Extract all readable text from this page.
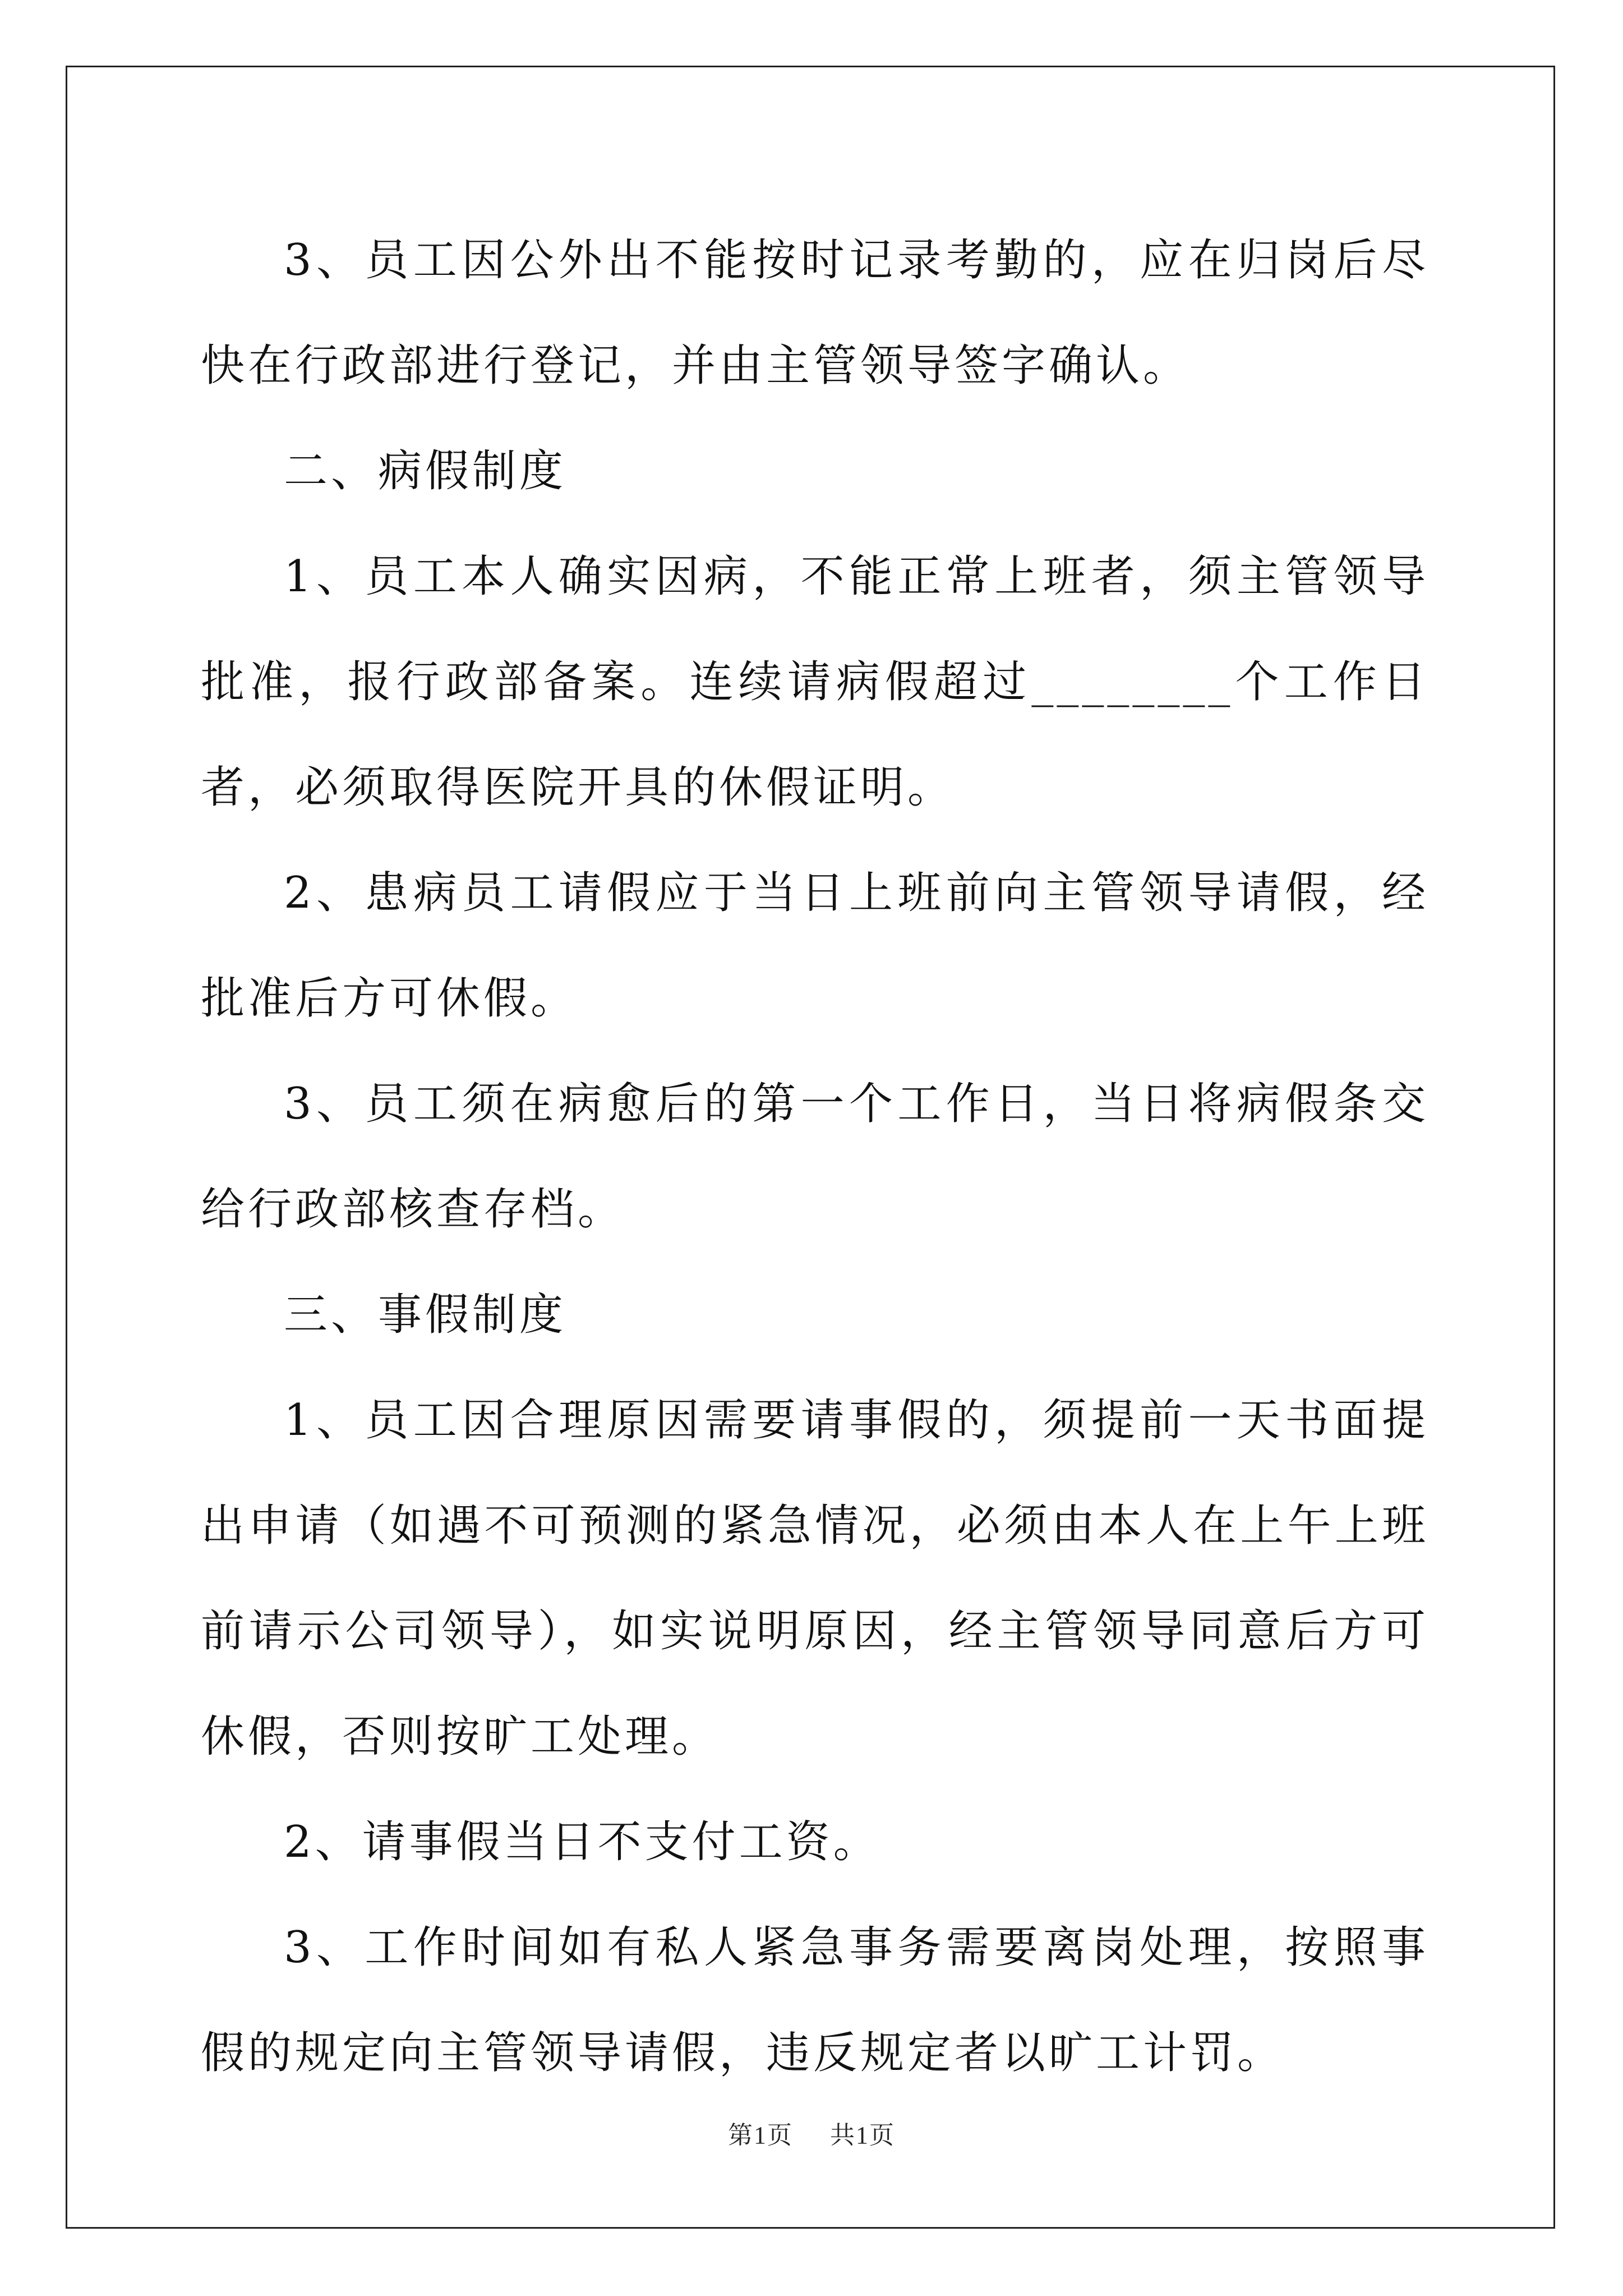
3、员工因公外出不能按时记录考勤的，应在归岗后尽快在行政部进行登记，并由主管领导签字确认。

二、病假制度

1、员工本人确实因病，不能正常上班者，须主管领导批准，报行政部备案。连续请病假超过________个工作日者，必须取得医院开具的休假证明。

2、患病员工请假应于当日上班前向主管领导请假，经批准后方可休假。

3、员工须在病愈后的第一个工作日，当日将病假条交给行政部核查存档。

三、事假制度

1、员工因合理原因需要请事假的，须提前一天书面提出申请（如遇不可预测的紧急情况，必须由本人在上午上班前请示公司领导），如实说明原因，经主管领导同意后方可休假，否则按旷工处理。

2、请事假当日不支付工资。

3、工作时间如有私人紧急事务需要离岗处理，按照事假的规定向主管领导请假，违反规定者以旷工计罚。

第1页 共1页
